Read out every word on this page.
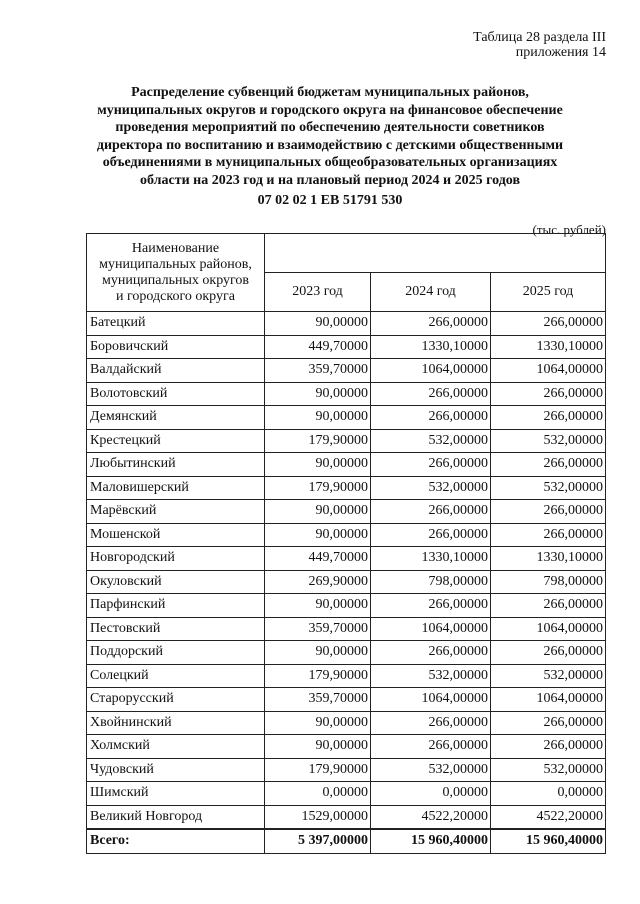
Таблица 28 раздела III
приложения 14
Распределение субвенций бюджетам муниципальных районов,
муниципальных округов и городского округа на финансовое обеспечение
проведения мероприятий по обеспечению деятельности советников
директора по воспитанию и взаимодействию с детскими общественными
объединениями в муниципальных общеобразовательных организациях
области на 2023 год и на плановый период 2024 и 2025 годов
07 02 02 1 ЕВ 51791 530
(тыс. рублей)
Наименование
муниципальных районов,
муниципальных округов
и городского округа			

	2023 год	2024 год	2025 год
Батецкий	90,00000	266,00000	266,00000
Боровичский	449,70000	1330,10000	1330,10000
Валдайский	359,70000	1064,00000	1064,00000
Волотовский	90,00000	266,00000	266,00000
Демянский	90,00000	266,00000	266,00000
Крестецкий	179,90000	532,00000	532,00000
Любытинский	90,00000	266,00000	266,00000
Маловишерский	179,90000	532,00000	532,00000
Марёвский	90,00000	266,00000	266,00000
Мошенской	90,00000	266,00000	266,00000
Новгородский	449,70000	1330,10000	1330,10000
Окуловский	269,90000	798,00000	798,00000
Парфинский	90,00000	266,00000	266,00000
Пестовский	359,70000	1064,00000	1064,00000
Поддорский	90,00000	266,00000	266,00000
Солецкий	179,90000	532,00000	532,00000
Старорусский	359,70000	1064,00000	1064,00000
Хвойнинский	90,00000	266,00000	266,00000
Холмский	90,00000	266,00000	266,00000
Чудовский	179,90000	532,00000	532,00000
Шимский	0,00000	0,00000	0,00000
Великий Новгород	1529,00000	4522,20000	4522,20000
Всего:	5 397,00000	15 960,40000	15 960,40000
